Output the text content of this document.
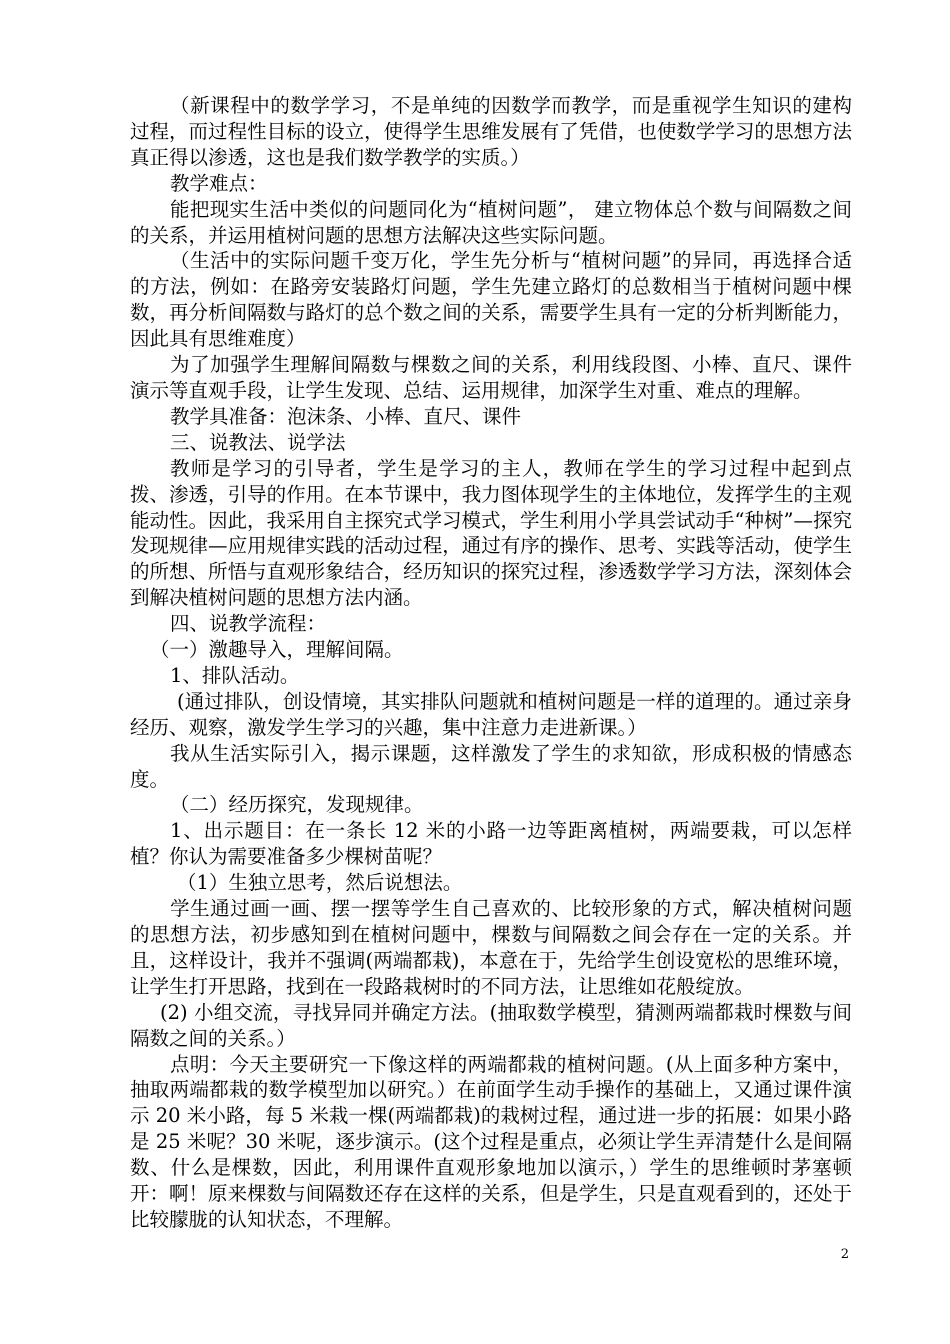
（新课程中的数学学习，不是单纯的因数学而教学，而是重视学生知识的建构过程，而过程性目标的设立，使得学生思维发展有了凭借，也使数学学习的思想方法真正得以渗透，这也是我们数学教学的实质。）

教学难点：

能把现实生活中类似的问题同化为“植树问题”， 建立物体总个数与间隔数之间的关系，并运用植树问题的思想方法解决这些实际问题。

（生活中的实际问题千变万化，学生先分析与“植树问题”的异同，再选择合适的方法，例如：在路旁安装路灯问题，学生先建立路灯的总数相当于植树问题中棵数，再分析间隔数与路灯的总个数之间的关系，需要学生具有一定的分析判断能力，因此具有思维难度）

为了加强学生理解间隔数与棵数之间的关系，利用线段图、小棒、直尺、课件演示等直观手段，让学生发现、总结、运用规律，加深学生对重、难点的理解。

教学具准备：泡沫条、小棒、直尺、课件

三、说教法、说学法

教师是学习的引导者，学生是学习的主人，教师在学生的学习过程中起到点拨、渗透，引导的作用。在本节课中，我力图体现学生的主体地位，发挥学生的主观能动性。因此，我采用自主探究式学习模式，学生利用小学具尝试动手“种树”—探究发现规律—应用规律实践的活动过程，通过有序的操作、思考、实践等活动，使学生的所想、所悟与直观形象结合，经历知识的探究过程，渗透数学学习方法，深刻体会到解决植树问题的思想方法内涵。

四、说教学流程：

（一）激趣导入，理解间隔。

1、排队活动。

(通过排队，创设情境，其实排队问题就和植树问题是一样的道理的。通过亲身经历、观察，激发学生学习的兴趣，集中注意力走进新课。）

我从生活实际引入，揭示课题，这样激发了学生的求知欲，形成积极的情感态度。

（二）经历探究，发现规律。

1、出示题目：在一条长 12 米的小路一边等距离植树，两端要栽，可以怎样植？你认为需要准备多少棵树苗呢？

（1）生独立思考，然后说想法。

学生通过画一画、摆一摆等学生自己喜欢的、比较形象的方式，解决植树问题的思想方法，初步感知到在植树问题中，棵数与间隔数之间会存在一定的关系。并且，这样设计，我并不强调(两端都栽)，本意在于，先给学生创设宽松的思维环境，让学生打开思路，找到在一段路栽树时的不同方法，让思维如花般绽放。

(2) 小组交流，寻找异同并确定方法。(抽取数学模型，猜测两端都栽时棵数与间隔数之间的关系。）

点明：今天主要研究一下像这样的两端都栽的植树问题。(从上面多种方案中，抽取两端都栽的数学模型加以研究。）在前面学生动手操作的基础上，又通过课件演示 20 米小路，每 5 米栽一棵(两端都栽)的栽树过程，通过进一步的拓展：如果小路是 25 米呢？30 米呢，逐步演示。(这个过程是重点，必须让学生弄清楚什么是间隔数、什么是棵数，因此，利用课件直观形象地加以演示，）学生的思维顿时茅塞顿开：啊！原来棵数与间隔数还存在这样的关系，但是学生，只是直观看到的，还处于比较朦胧的认知状态，不理解。

2
